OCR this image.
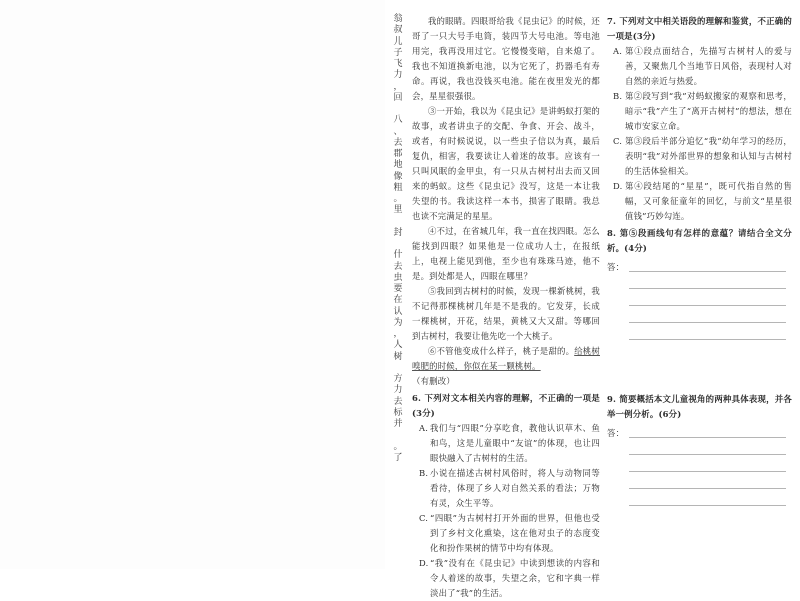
翁
叔
儿
子
飞
力
，
回

八
、
去
郡
地
像
粗
。
里

封

什
去
虫
要
在
认
为
，
人
树

方
力
去
标
并

。
了

我的眼睛。四眼哥给我《昆虫记》的时候，还哥了一只大号手电筒，装四节大号电池。等电池用完，我再没用过它。它慢慢变暗，自来熄了。我也不知道换新电池，以为它死了，扔器毛有寿命。再说，我也没钱买电池。能在夜里发光的都会，星星很强很。

③一开始，我以为《昆虫记》是讲蚂蚁打架的故事，或者讲虫子的交配、争食、开会、战斗，或者，有时候说说，以一些虫子信以为真，最后复仇，相害，我要读让人着迷的故事。应该有一只叫风眠的金甲虫，有一只从古树村出去而又回来的蚂蚁。这些《昆虫记》没写，这是一本让我失望的书。我读这样一本书，损害了眼睛。我总也读不完满足的星星。

④不过，在省城几年，我一直在找四眼。怎么能找到四眼？如果他是一位成功人士，在报纸上，电视上能见到他，至少也有珠珠马迹，他不是。到处都是人，四眼在哪里？

⑤我回到古树村的时候，发现一棵新桃树，我不记得那棵桃树几年是不是我的。它发芽，长成一棵桃树，开花，结果，黄桃又大又甜。等哪回到古树村，我要让他先吃一个大桃子。

⑥不管他变成什么样子，桃子是甜的。给桃树嗅肥的时候，你似在某一颗桃树。

（有删改）

6. 下列对文本相关内容的理解，不正确的一项是(3分)

A. 我们与“四眼”分享吃食，教他认识草木、鱼和鸟，这是儿童眼中“友谊”的体现，也让四眼快融入了古树村的生活。

B. 小说在描述古树村风俗时，将人与动物同等看待，体现了乡人对自然关系的看法；万物有灵，众生平等。

C. “四眼”为古树村打开外面的世界，但他也受到了乡村文化熏染，这在他对虫子的态度变化和扮作果树的情节中均有体现。

D. “我”没有在《昆虫记》中读到想读的内容和令人着迷的故事，失望之余，它和字典一样淡出了“我”的生活。

7. 下列对文中相关语段的理解和鉴赏，不正确的一项是(3分)

A. 第①段点面结合，先描写古树村人的爱与善，又聚焦几个当地节日风俗，表现村人对自然的亲近与热爱。

B. 第②段写到“我”对蚂蚁搬家的观察和思考，暗示“我”产生了“离开古树村”的想法，想在城市安家立命。

C. 第③段后半部分追忆“我”幼年学习的经历，表明“我”对外部世界的想象和认知与古树村的生活体验相关。

D. 第④段结尾的“星星”，既可代指自然的售幅，又可象征童年的回忆，与前文“星星很值钱”巧妙勾连。

8. 第⑤段画线句有怎样的意蕴？请结合全文分析。(4分)

答：

9. 简要概括本文儿童视角的两种具体表现，并各举一例分析。(6分)

答：
